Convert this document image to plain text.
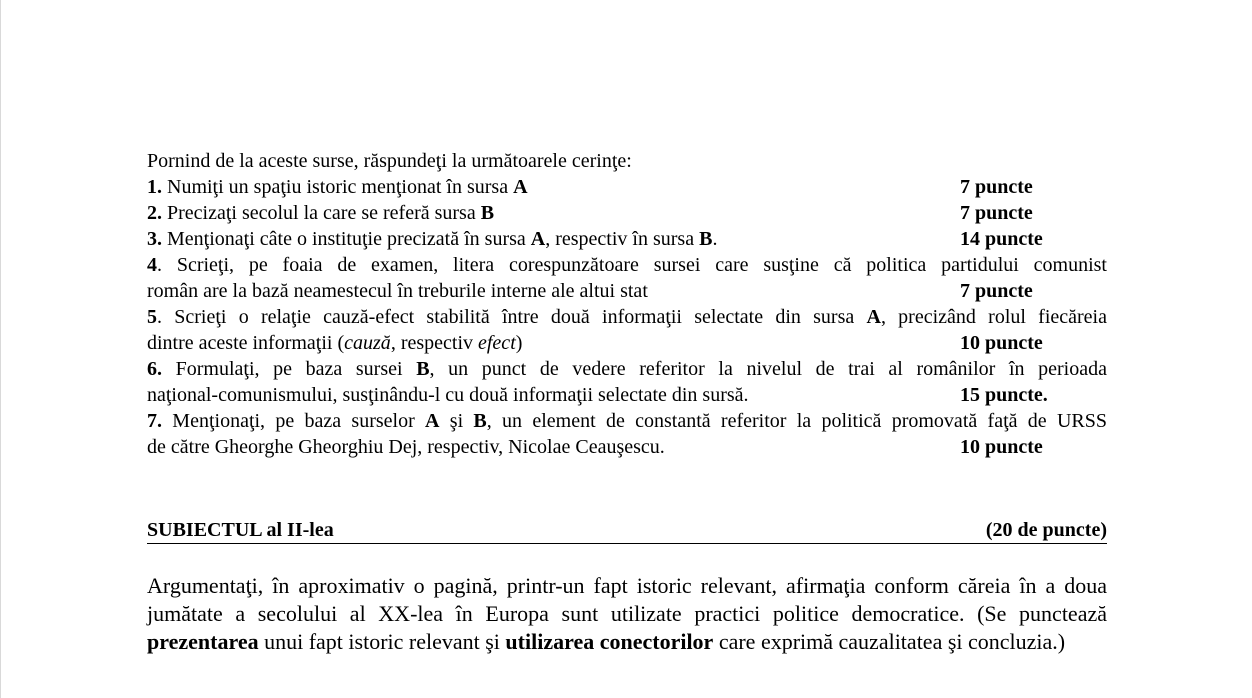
Pornind de la aceste surse, răspundeţi la următoarele cerinţe:

1. Numiţi un spaţiu istoric menţionat în sursa A	7 puncte
2. Precizaţi secolul la care se referă sursa B	7 puncte
3. Menţionaţi câte o instituţie precizată în sursa A, respectiv în sursa B.	14 puncte
4. Scrieţi, pe foaia de examen, litera corespunzătoare sursei care susţine că politica partidului comunist
român are la bază neamestecul în treburile interne ale altui stat	7 puncte
5. Scrieţi o relaţie cauză-efect stabilită între două informaţii selectate din sursa A, precizând rolul fiecăreia
dintre aceste informaţii (cauză, respectiv efect)	10 puncte
6. Formulaţi, pe baza sursei B, un punct de vedere referitor la nivelul de trai al românilor în perioada
naţional-comunismului, susţinându-l cu două informaţii selectate din sursă.	15 puncte.
7. Menţionaţi, pe baza surselor A şi B, un element de constantă referitor la politică promovată faţă de URSS
de către Gheorghe Gheorghiu Dej, respectiv, Nicolae Ceauşescu.	10 puncte
SUBIECTUL al II-lea	(20 de puncte)

Argumentaţi, în aproximativ o pagină, printr-un fapt istoric relevant, afirmaţia conform căreia în a doua jumătate a secolului al XX-lea în Europa sunt utilizate practici politice democratice. (Se punctează prezentarea unui fapt istoric relevant şi utilizarea conectorilor care exprimă cauzalitatea şi concluzia.)
